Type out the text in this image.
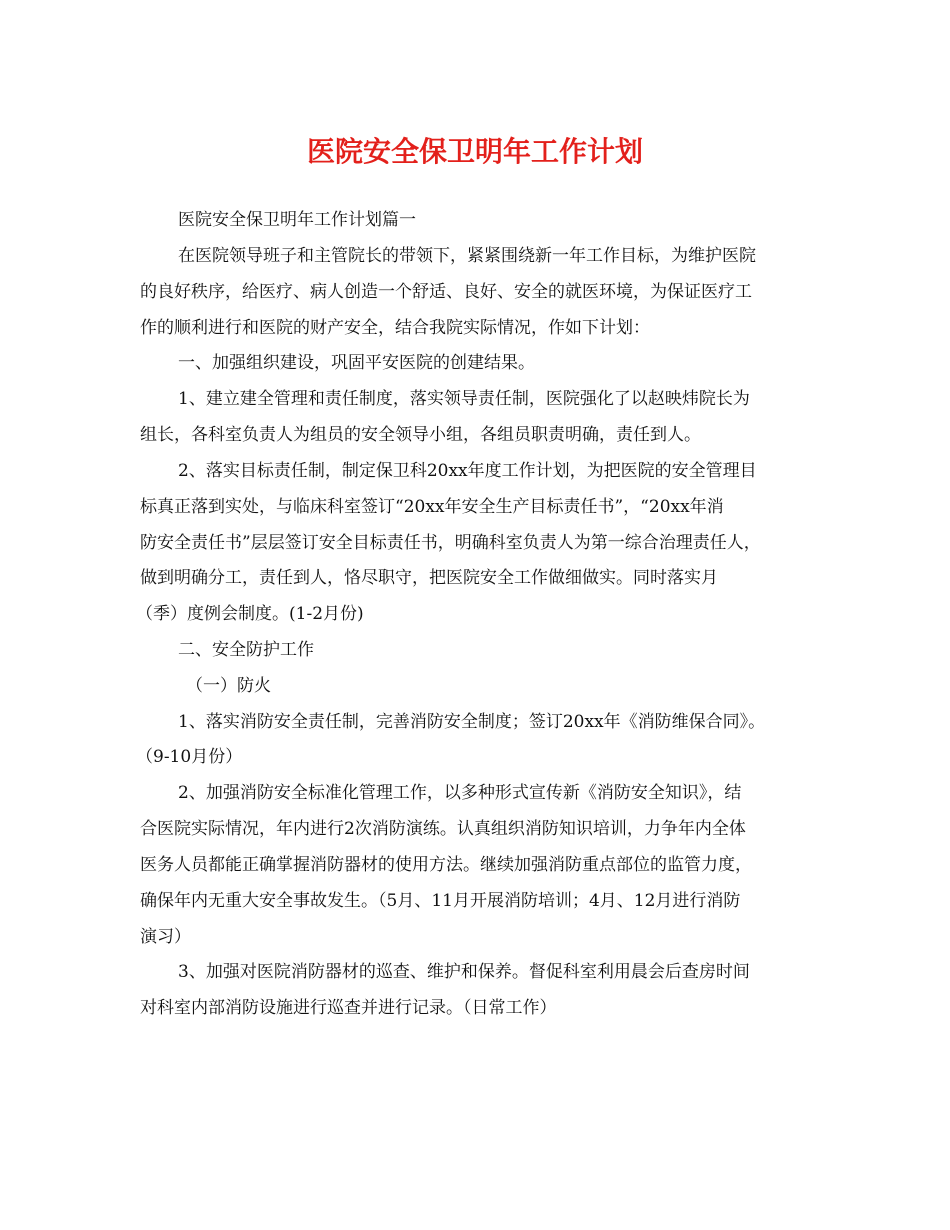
医院安全保卫明年工作计划
医院安全保卫明年工作计划篇一
在医院领导班子和主管院长的带领下，紧紧围绕新一年工作目标，为维护医院
的良好秩序，给医疗、病人创造一个舒适、良好、安全的就医环境，为保证医疗工
作的顺利进行和医院的财产安全，结合我院实际情况，作如下计划：
一、加强组织建设，巩固平安医院的创建结果。
1、建立建全管理和责任制度，落实领导责任制，医院强化了以赵映炜院长为
组长，各科室负责人为组员的安全领导小组，各组员职责明确，责任到人。
2、落实目标责任制，制定保卫科20xx年度工作计划，为把医院的安全管理目
标真正落到实处，与临床科室签订“20xx年安全生产目标责任书”，“20xx年消
防安全责任书”层层签订安全目标责任书，明确科室负责人为第一综合治理责任人，
做到明确分工，责任到人，恪尽职守，把医院安全工作做细做实。同时落实月
（季）度例会制度。(1-2月份)
二、安全防护工作
（一）防火
1、落实消防安全责任制，完善消防安全制度；签订20xx年《消防维保合同》。
（9-10月份）
2、加强消防安全标准化管理工作，以多种形式宣传新《消防安全知识》，结
合医院实际情况，年内进行2次消防演练。认真组织消防知识培训，力争年内全体
医务人员都能正确掌握消防器材的使用方法。继续加强消防重点部位的监管力度，
确保年内无重大安全事故发生。（5月、11月开展消防培训；4月、12月进行消防
演习）
3、加强对医院消防器材的巡查、维护和保养。督促科室利用晨会后查房时间
对科室内部消防设施进行巡查并进行记录。（日常工作）
